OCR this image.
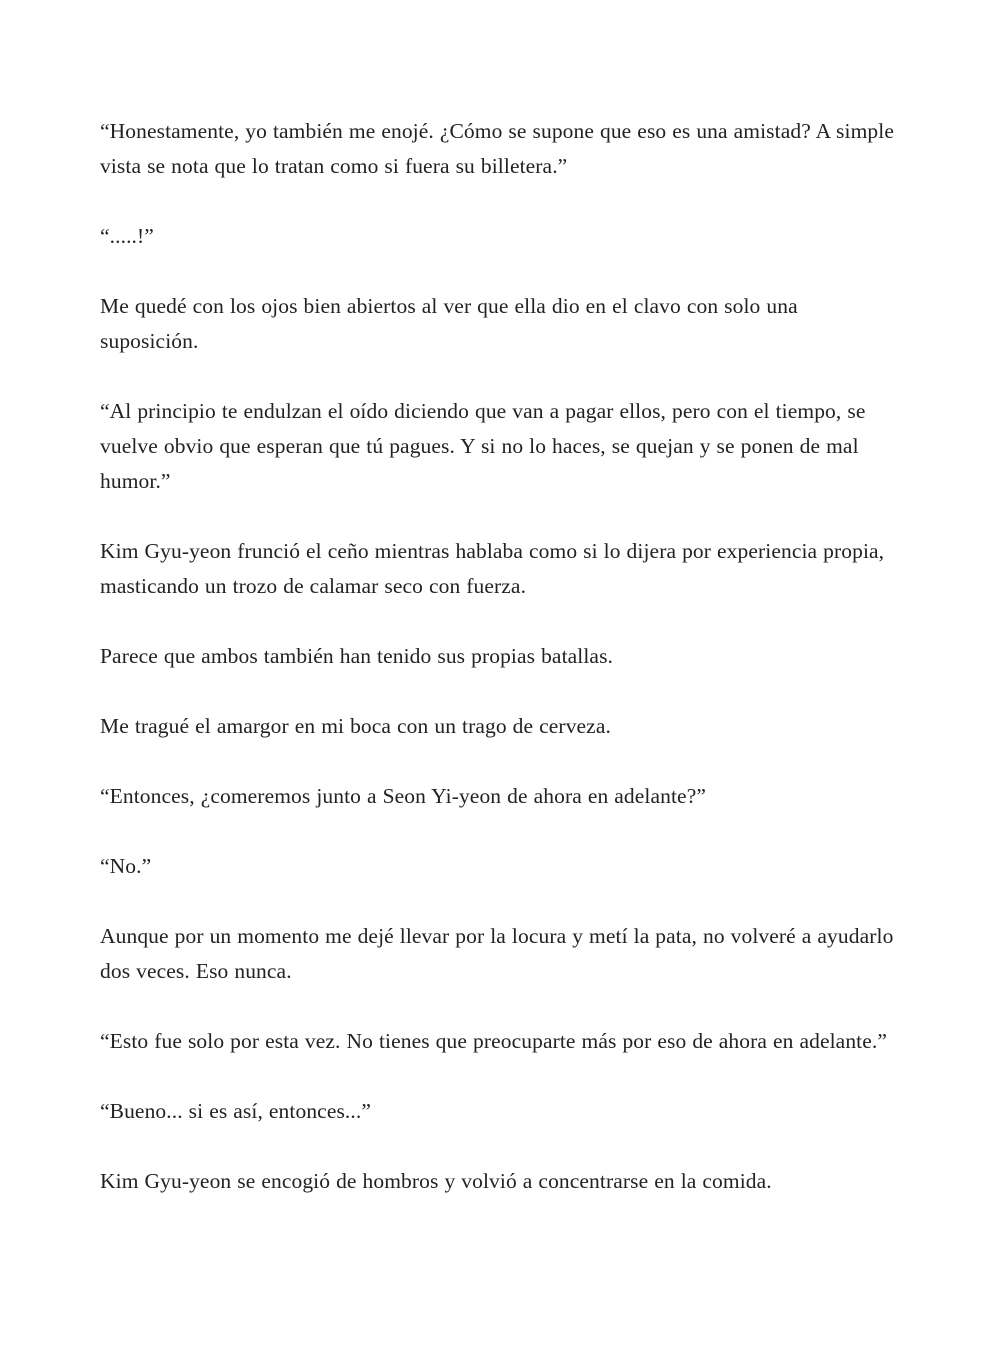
“Honestamente, yo también me enojé. ¿Cómo se supone que eso es una amistad? A simple vista se nota que lo tratan como si fuera su billetera.”

“.....!”

Me quedé con los ojos bien abiertos al ver que ella dio en el clavo con solo una suposición.

“Al principio te endulzan el oído diciendo que van a pagar ellos, pero con el tiempo, se vuelve obvio que esperan que tú pagues. Y si no lo haces, se quejan y se ponen de mal humor.”

Kim Gyu-yeon frunció el ceño mientras hablaba como si lo dijera por experiencia propia, masticando un trozo de calamar seco con fuerza.

Parece que ambos también han tenido sus propias batallas.

Me tragué el amargor en mi boca con un trago de cerveza.

“Entonces, ¿comeremos junto a Seon Yi-yeon de ahora en adelante?”

“No.”

Aunque por un momento me dejé llevar por la locura y metí la pata, no volveré a ayudarlo dos veces. Eso nunca.

“Esto fue solo por esta vez. No tienes que preocuparte más por eso de ahora en adelante.”

“Bueno... si es así, entonces...”

Kim Gyu-yeon se encogió de hombros y volvió a concentrarse en la comida.
